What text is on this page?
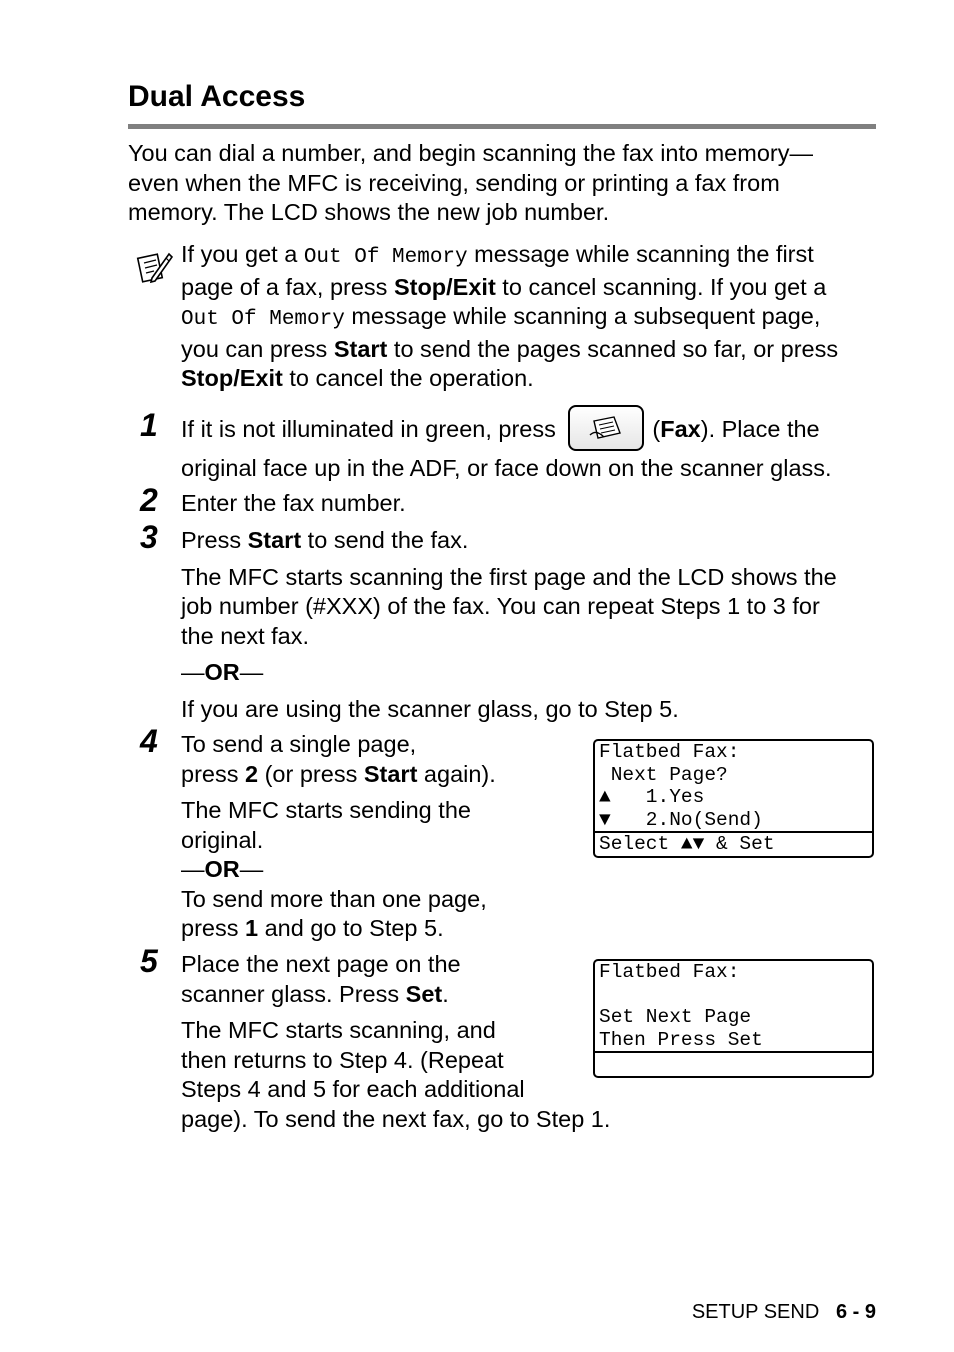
Dual Access
You can dial a number, and begin scanning the fax into memory—
even when the MFC is receiving, sending or printing a fax from
memory. The LCD shows the new job number.
If you get a Out Of Memory message while scanning the first
page of a fax, press Stop/Exit to cancel scanning. If you get a
Out Of Memory message while scanning a subsequent page,
you can press Start to send the pages scanned so far, or press
Stop/Exit to cancel the operation.
1 If it is not illuminated in green, press	(Fax). Place the
original face up in the ADF, or face down on the scanner glass.
2 Enter the fax number.
3 Press Start to send the fax.
The MFC starts scanning the first page and the LCD shows the
job number (#XXX) of the fax. You can repeat Steps 1 to 3 for
the next fax.
—OR—
If you are using the scanner glass, go to Step 5.
4 To send a single page,
press 2 (or press Start again).
The MFC starts sending the
original.
—OR—
To send more than one page,
press 1 and go to Step 5.
Flatbed Fax:
Next Page?
▲   1.Yes
▼   2.No(Send)
Select ▲▼ & Set
5 Place the next page on the
scanner glass. Press Set.
The MFC starts scanning, and
then returns to Step 4. (Repeat
Steps 4 and 5 for each additional
page). To send the next fax, go to Step 1.
Flatbed Fax:
Set Next Page
Then Press Set
SETUP SEND 6 - 9
